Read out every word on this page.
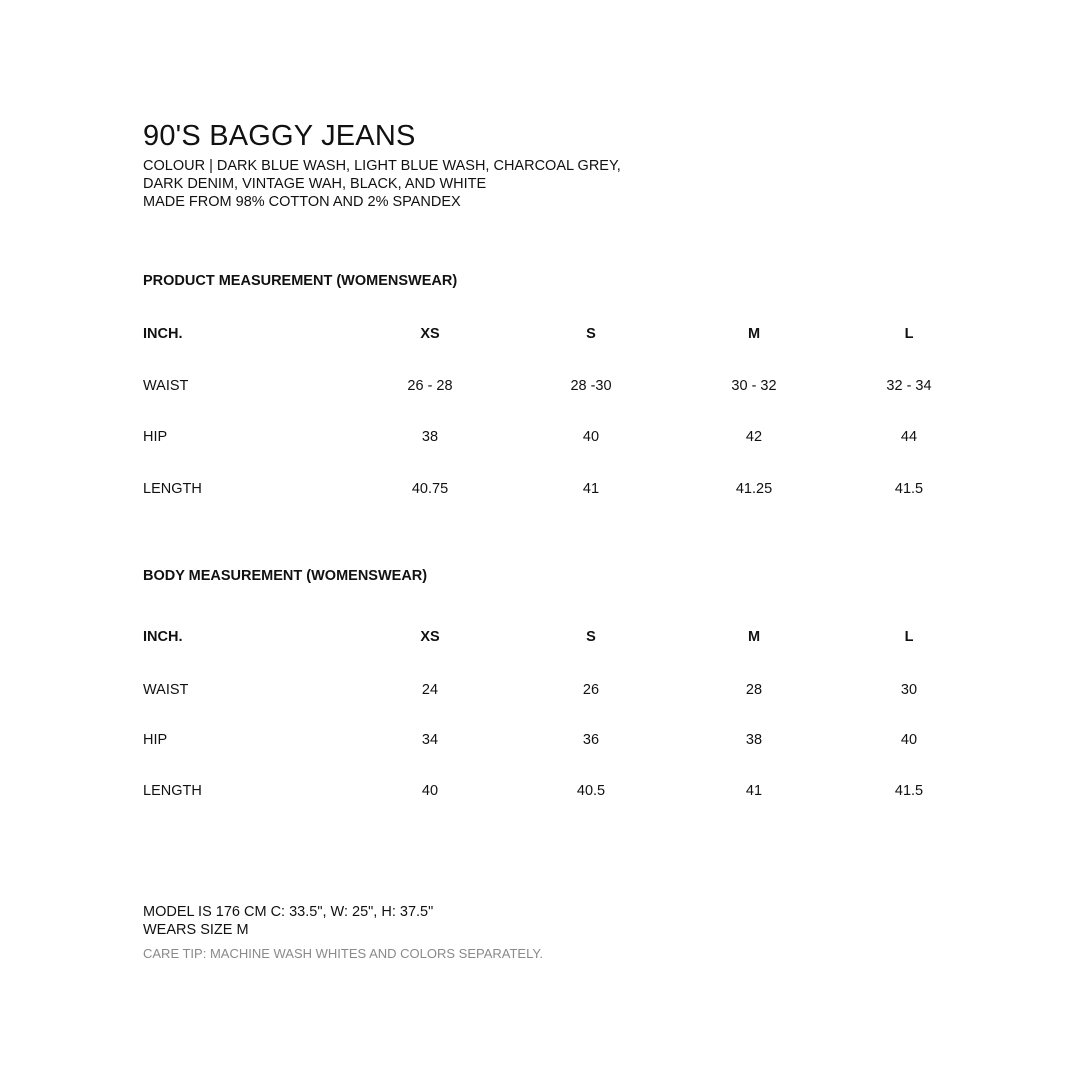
90'S BAGGY JEANS
COLOUR | DARK BLUE WASH, LIGHT BLUE WASH, CHARCOAL GREY,
DARK DENIM, VINTAGE WAH, BLACK, AND WHITE
MADE FROM 98% COTTON AND 2% SPANDEX
PRODUCT MEASUREMENT (WOMENSWEAR)
INCH.	XS	S	M	L
WAIST	26 - 28	28 -30	30 - 32	32 - 34
HIP	38	40	42	44
LENGTH	40.75	41	41.25	41.5
BODY MEASUREMENT (WOMENSWEAR)
INCH.	XS	S	M	L
WAIST	24	26	28	30
HIP	34	36	38	40
LENGTH	40	40.5	41	41.5
MODEL IS 176 CM C: 33.5", W: 25", H: 37.5"
WEARS SIZE M
CARE TIP: MACHINE WASH WHITES AND COLORS SEPARATELY.
